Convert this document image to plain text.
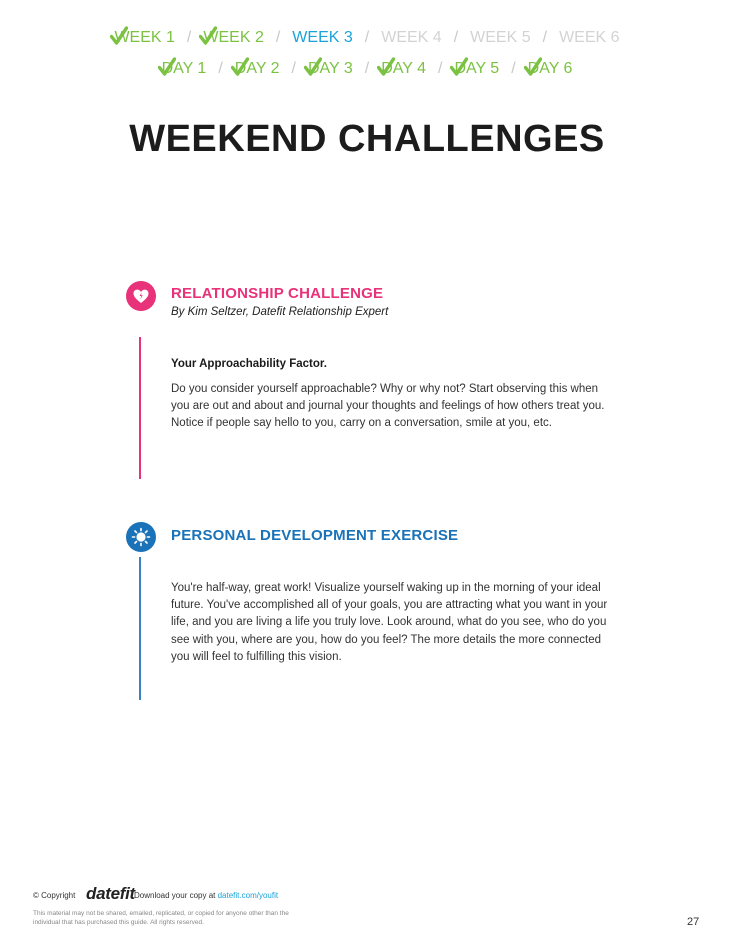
WEEK 1 / WEEK 2 / WEEK 3 / WEEK 4 / WEEK 5 / WEEK 6
DAY 1 / DAY 2 / DAY 3 / DAY 4 / DAY 5 / DAY 6
WEEKEND CHALLENGES
RELATIONSHIP CHALLENGE
By Kim Seltzer, Datefit Relationship Expert
Your Approachability Factor.
Do you consider yourself approachable? Why or why not? Start observing this when you are out and about and journal your thoughts and feelings of how others treat you. Notice if people say hello to you, carry on a conversation, smile at you, etc.
PERSONAL DEVELOPMENT EXERCISE
You're half-way, great work! Visualize yourself waking up in the morning of your ideal future. You've accomplished all of your goals, you are attracting what you want in your life, and you are living a life you truly love. Look around, what do you see, who do you see with you, where are you, how do you feel? The more details the more connected you will feel to fulfilling this vision.
© Copyright datefit Download your copy at datefit.com/youfit
This material may not be shared, emailed, replicated, or copied for anyone other than the individual that has purchased this guide. All rights reserved.	27
